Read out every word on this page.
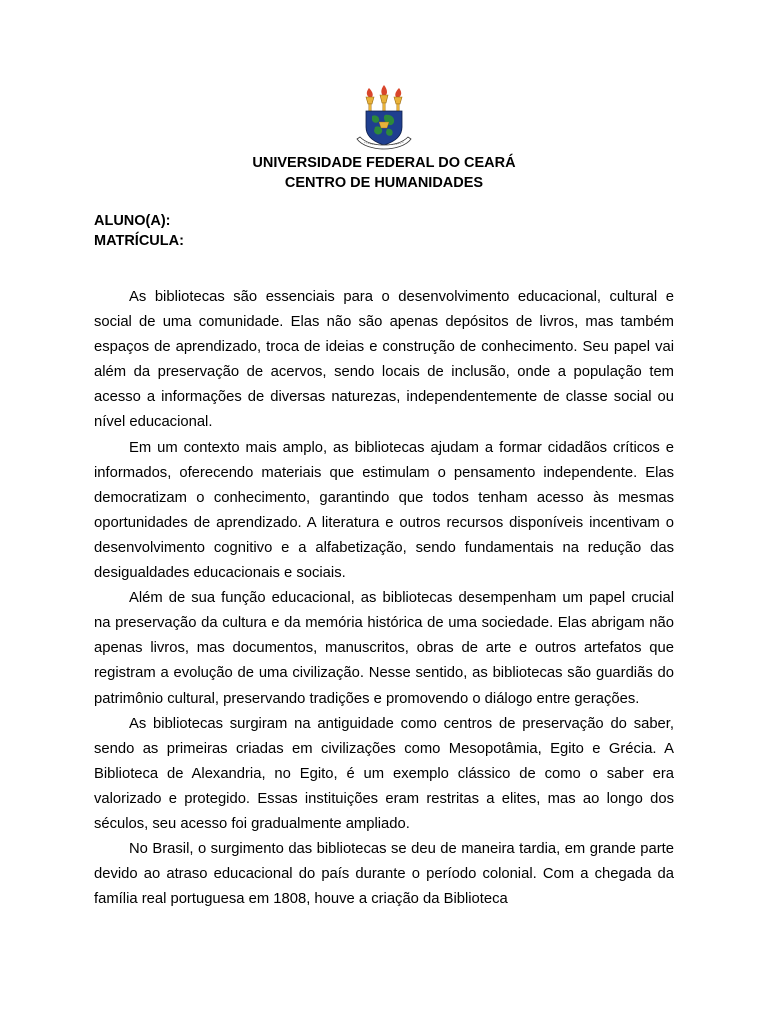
UNIVERSIDADE FEDERAL DO CEARÁ
CENTRO DE HUMANIDADES
ALUNO(A):
MATRÍCULA:

As bibliotecas são essenciais para o desenvolvimento educacional, cultural e social de uma comunidade. Elas não são apenas depósitos de livros, mas também espaços de aprendizado, troca de ideias e construção de conhecimento. Seu papel vai além da preservação de acervos, sendo locais de inclusão, onde a população tem acesso a informações de diversas naturezas, independentemente de classe social ou nível educacional.

Em um contexto mais amplo, as bibliotecas ajudam a formar cidadãos críticos e informados, oferecendo materiais que estimulam o pensamento independente. Elas democratizam o conhecimento, garantindo que todos tenham acesso às mesmas oportunidades de aprendizado. A literatura e outros recursos disponíveis incentivam o desenvolvimento cognitivo e a alfabetização, sendo fundamentais na redução das desigualdades educacionais e sociais.

Além de sua função educacional, as bibliotecas desempenham um papel crucial na preservação da cultura e da memória histórica de uma sociedade. Elas abrigam não apenas livros, mas documentos, manuscritos, obras de arte e outros artefatos que registram a evolução de uma civilização. Nesse sentido, as bibliotecas são guardiãs do patrimônio cultural, preservando tradições e promovendo o diálogo entre gerações.

As bibliotecas surgiram na antiguidade como centros de preservação do saber, sendo as primeiras criadas em civilizações como Mesopotâmia, Egito e Grécia. A Biblioteca de Alexandria, no Egito, é um exemplo clássico de como o saber era valorizado e protegido. Essas instituições eram restritas a elites, mas ao longo dos séculos, seu acesso foi gradualmente ampliado.

No Brasil, o surgimento das bibliotecas se deu de maneira tardia, em grande parte devido ao atraso educacional do país durante o período colonial. Com a chegada da família real portuguesa em 1808, houve a criação da Biblioteca
